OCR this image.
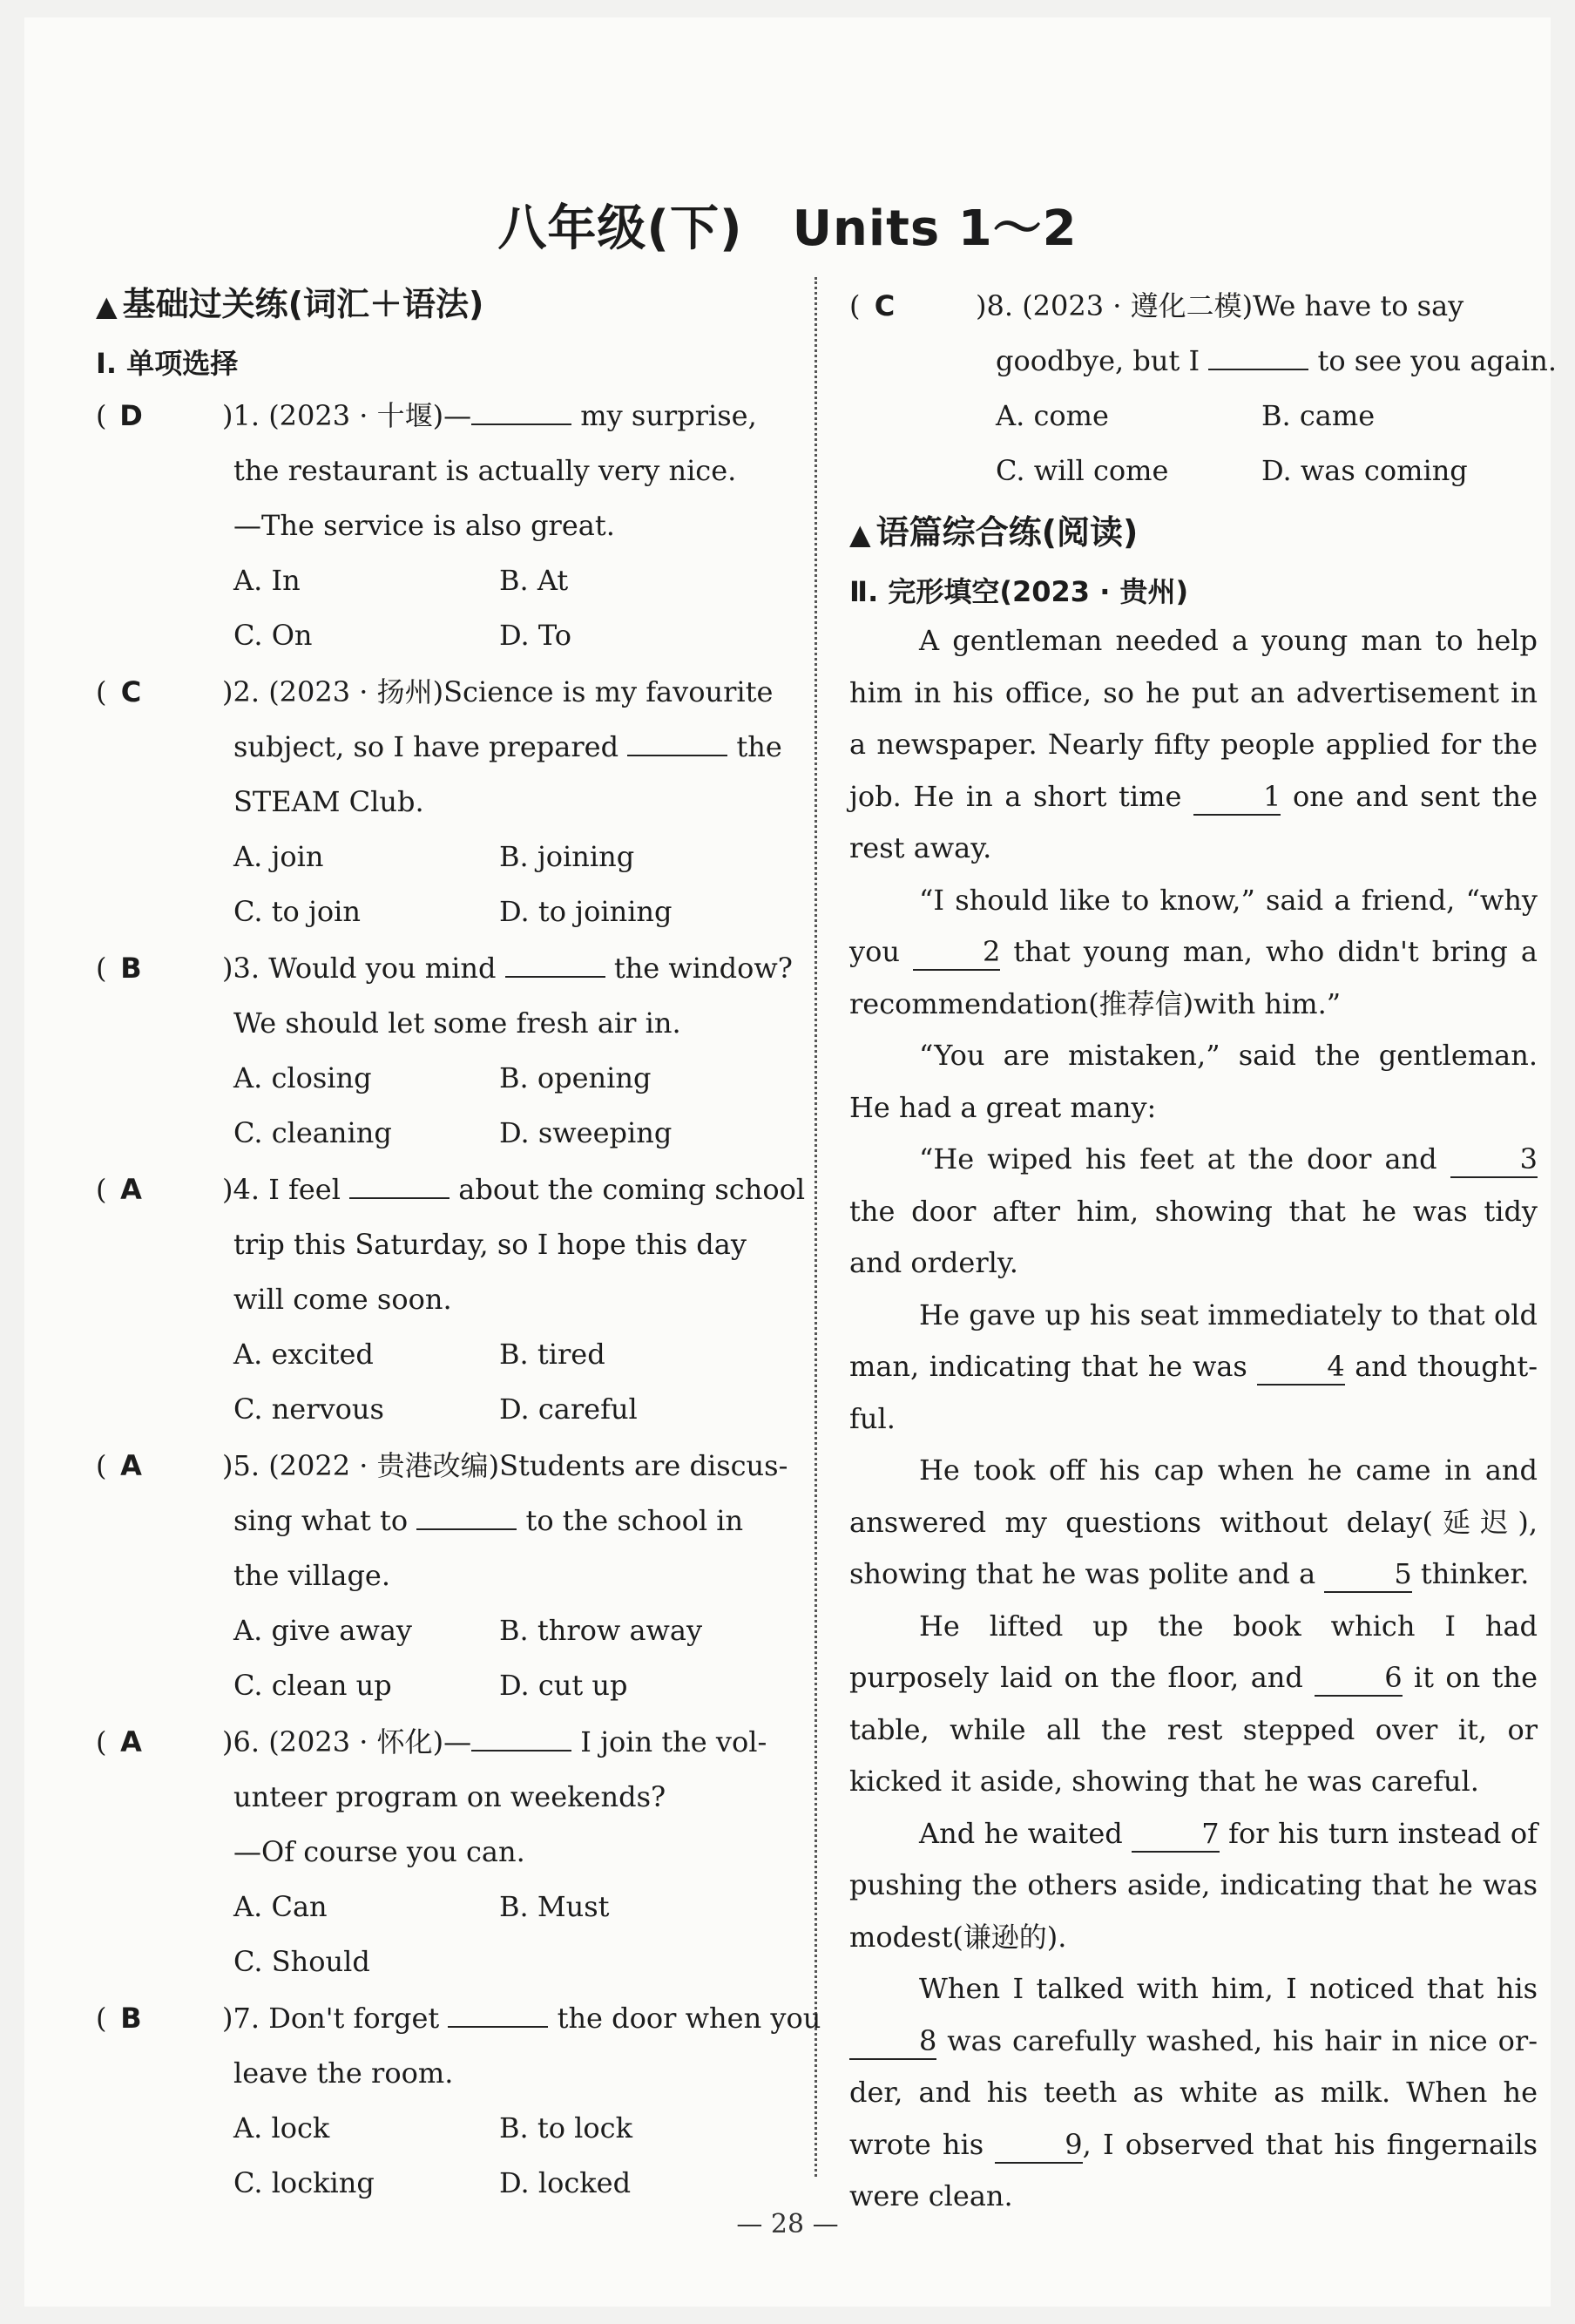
八年级(下)　Units 1～2
▲ 基础过关练(词汇＋语法)
Ⅰ. 单项选择
( D	)1. (2023 · 十堰)—	my surprise,
the restaurant is actually very nice.
—The service is also great.
A. In	B. At
C. On	D. To
( C	)2. (2023 · 扬州)Science is my favourite
subject, so I have prepared	the
STEAM Club.
A. join	B. joining
C. to join	D. to joining
( B	)3. Would you mind	the window?
We should let some fresh air in.
A. closing	B. opening
C. cleaning	D. sweeping
( A	)4. I feel	about the coming school
trip this Saturday, so I hope this day
will come soon.
A. excited	B. tired
C. nervous	D. careful
( A	)5. (2022 · 贵港改编)Students are discus-
sing what to	to the school in
the village.
A. give away	B. throw away
C. clean up	D. cut up
( A	)6. (2023 · 怀化)—	I join the vol-
unteer program on weekends?
—Of course you can.
A. Can	B. Must
C. Should
( B	)7. Don't forget	the door when you
leave the room.
A. lock	B. to lock
C. locking	D. locked
( C	)8. (2023 · 遵化二模)We have to say
goodbye, but I	to see you again.
A. come	B. came
C. will come	D. was coming
▲ 语篇综合练(阅读)
Ⅱ. 完形填空(2023 · 贵州)

A gentleman needed a young man to help him in his office, so he put an advertisement in a newspaper. Nearly fifty people applied for the job. He in a short time	1 one and sent the rest away.

“I should like to know,” said a friend, “why you	2 that young man, who didn't bring a recommendation(推荐信)with him.”

“You are mistaken,” said the gentleman. He had a great many:

“He wiped his feet at the door and	3 the door after him, showing that he was tidy and orderly.

He gave up his seat immediately to that old man, indicating that he was	4 and thought-ful.

He took off his cap when he came in and answered my questions without delay(延迟), showing that he was polite and a	5 thinker.

He lifted up the book which I had purposely laid on the floor, and	6 it on the table, while all the rest stepped over it, or kicked it aside, showing that he was careful.

And he waited	7 for his turn instead of pushing the others aside, indicating that he was modest(谦逊的).

When I talked with him, I noticed that his 8 was carefully washed, his hair in nice or-der, and his teeth as white as milk. When he wrote his	9, I observed that his fingernails were clean.

— 28 —
